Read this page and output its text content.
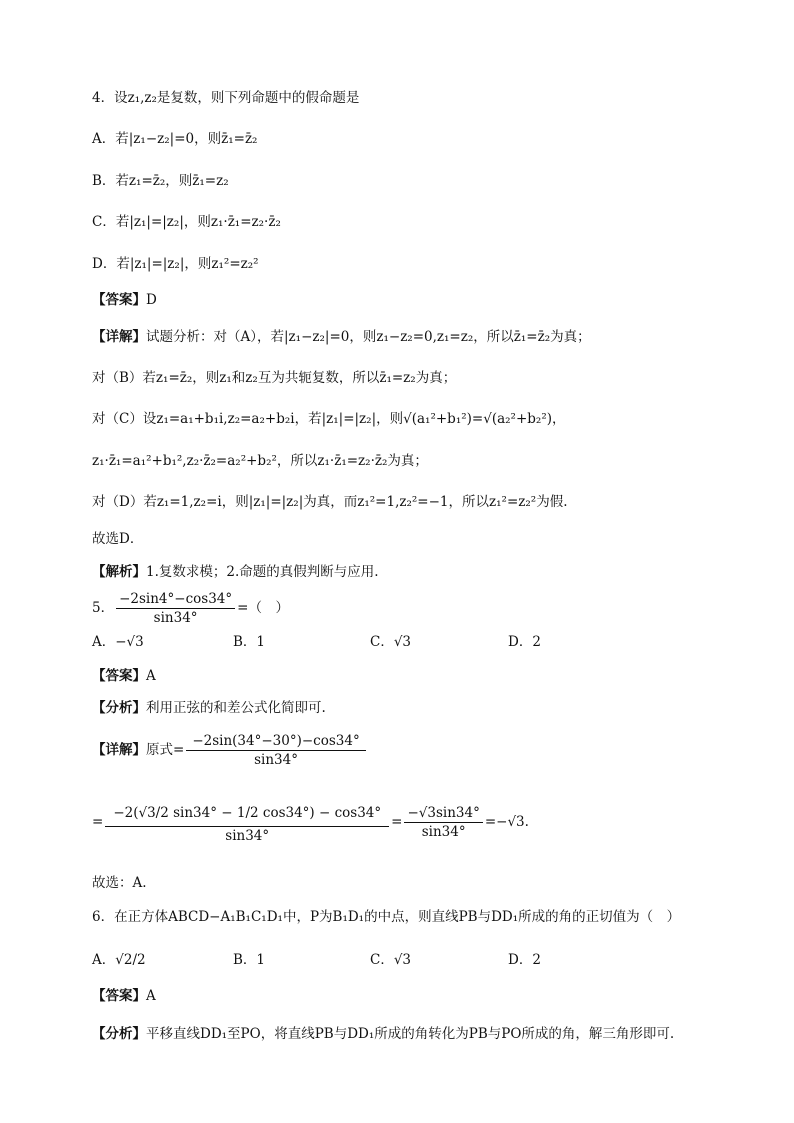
4．设z₁,z₂是复数，则下列命题中的假命题是
A．若|z₁−z₂|=0，则z̄₁=z̄₂
B．若z₁=z̄₂，则z̄₁=z₂
C．若|z₁|=|z₂|，则z₁·z̄₁=z₂·z̄₂
D．若|z₁|=|z₂|，则z₁²=z₂²
【答案】D
【详解】试题分析：对（A），若|z₁−z₂|=0，则z₁−z₂=0,z₁=z₂，所以z̄₁=z̄₂为真；
对（B）若z₁=z̄₂，则z₁和z₂互为共轭复数，所以z̄₁=z₂为真；
对（C）设z₁=a₁+b₁i,z₂=a₂+b₂i，若|z₁|=|z₂|，则√(a₁²+b₁²)=√(a₂²+b₂²)，
z₁·z̄₁=a₁²+b₁²,z₂·z̄₂=a₂²+b₂²，所以z₁·z̄₁=z₂·z̄₂为真；
对（D）若z₁=1,z₂=i，则|z₁|=|z₂|为真，而z₁²=1,z₂²=−1，所以z₁²=z₂²为假.
故选D．
【解析】1.复数求模；2.命题的真假判断与应用.
5． $\frac{-2\sin 4^\circ-\cos 34^\circ}{\sin 34^\circ}$ =（　）
A．−√3	B．1	C．√3	D．2
【答案】A
【分析】利用正弦的和差公式化简即可.
【详解】原式= $\frac{-2\sin(34^\circ-30^\circ)-\cos 34^\circ}{\sin 34^\circ}$
= $\frac{-2(√3/2 \sin 34^\circ - 1/2 \cos 34^\circ) - \cos 34^\circ}{\sin 34^\circ} = \frac{-√3\sin 34^\circ}{\sin 34^\circ} =-√3$.
故选：A.
6．在正方体ABCD−A₁B₁C₁D₁中，P为B₁D₁的中点，则直线PB与DD₁所成的角的正切值为（　）
A．√2/2	B．1	C．√3	D．2
【答案】A
【分析】平移直线DD₁至PO，将直线PB与DD₁所成的角转化为PB与PO所成的角，解三角形即可.
